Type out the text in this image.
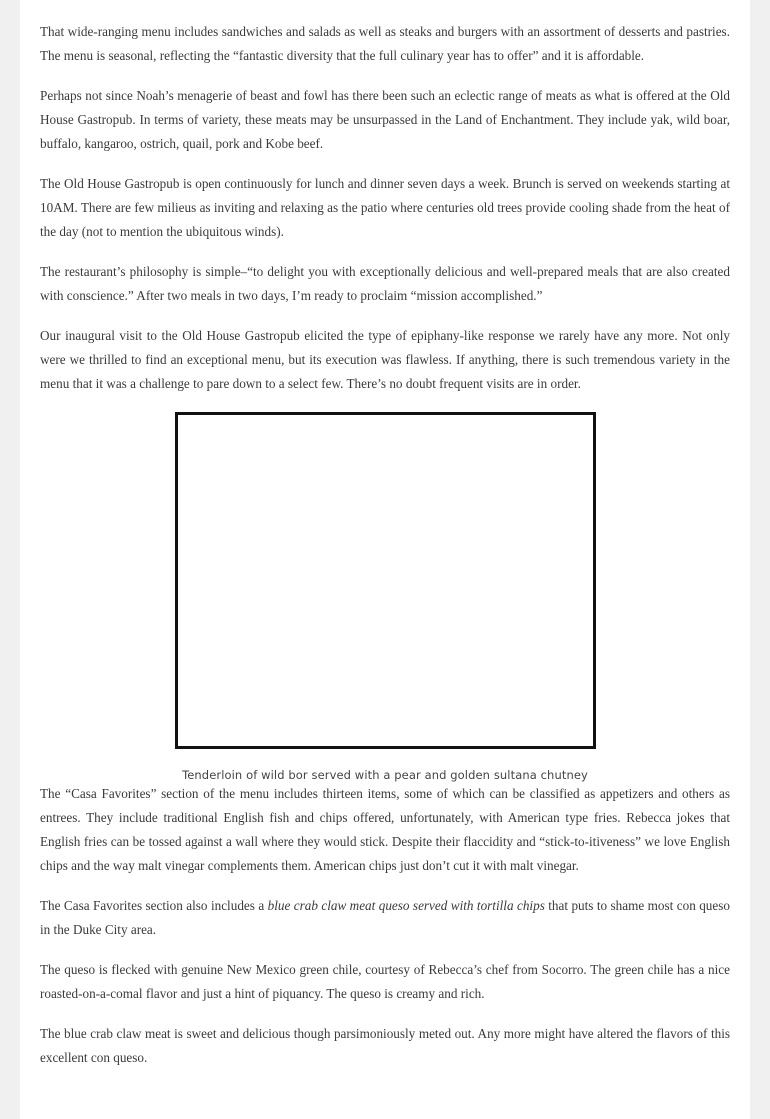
That wide-ranging menu includes sandwiches and salads as well as steaks and burgers with an assortment of desserts and pastries. The menu is seasonal, reflecting the “fantastic diversity that the full culinary year has to offer” and it is affordable.

Perhaps not since Noah’s menagerie of beast and fowl has there been such an eclectic range of meats as what is offered at the Old House Gastropub. In terms of variety, these meats may be unsurpassed in the Land of Enchantment. They include yak, wild boar, buffalo, kangaroo, ostrich, quail, pork and Kobe beef.

The Old House Gastropub is open continuously for lunch and dinner seven days a week. Brunch is served on weekends starting at 10AM. There are few milieus as inviting and relaxing as the patio where centuries old trees provide cooling shade from the heat of the day (not to mention the ubiquitous winds).

The restaurant’s philosophy is simple–“to delight you with exceptionally delicious and well-prepared meals that are also created with conscience.” After two meals in two days, I’m ready to proclaim “mission accomplished.”

Our inaugural visit to the Old House Gastropub elicited the type of epiphany-like response we rarely have any more. Not only were we thrilled to find an exceptional menu, but its execution was flawless. If anything, there is such tremendous variety in the menu that it was a challenge to pare down to a select few. There’s no doubt frequent visits are in order.

Tenderloin of wild bor served with a pear and golden sultana chutney

The “Casa Favorites” section of the menu includes thirteen items, some of which can be classified as appetizers and others as entrees. They include traditional English fish and chips offered, unfortunately, with American type fries. Rebecca jokes that English fries can be tossed against a wall where they would stick. Despite their flaccidity and “stick-to-itiveness” we love English chips and the way malt vinegar complements them. American chips just don’t cut it with malt vinegar.

The Casa Favorites section also includes a blue crab claw meat queso served with tortilla chips that puts to shame most con queso in the Duke City area.

The queso is flecked with genuine New Mexico green chile, courtesy of Rebecca’s chef from Socorro. The green chile has a nice roasted-on-a-comal flavor and just a hint of piquancy. The queso is creamy and rich.

The blue crab claw meat is sweet and delicious though parsimoniously meted out. Any more might have altered the flavors of this excellent con queso.
